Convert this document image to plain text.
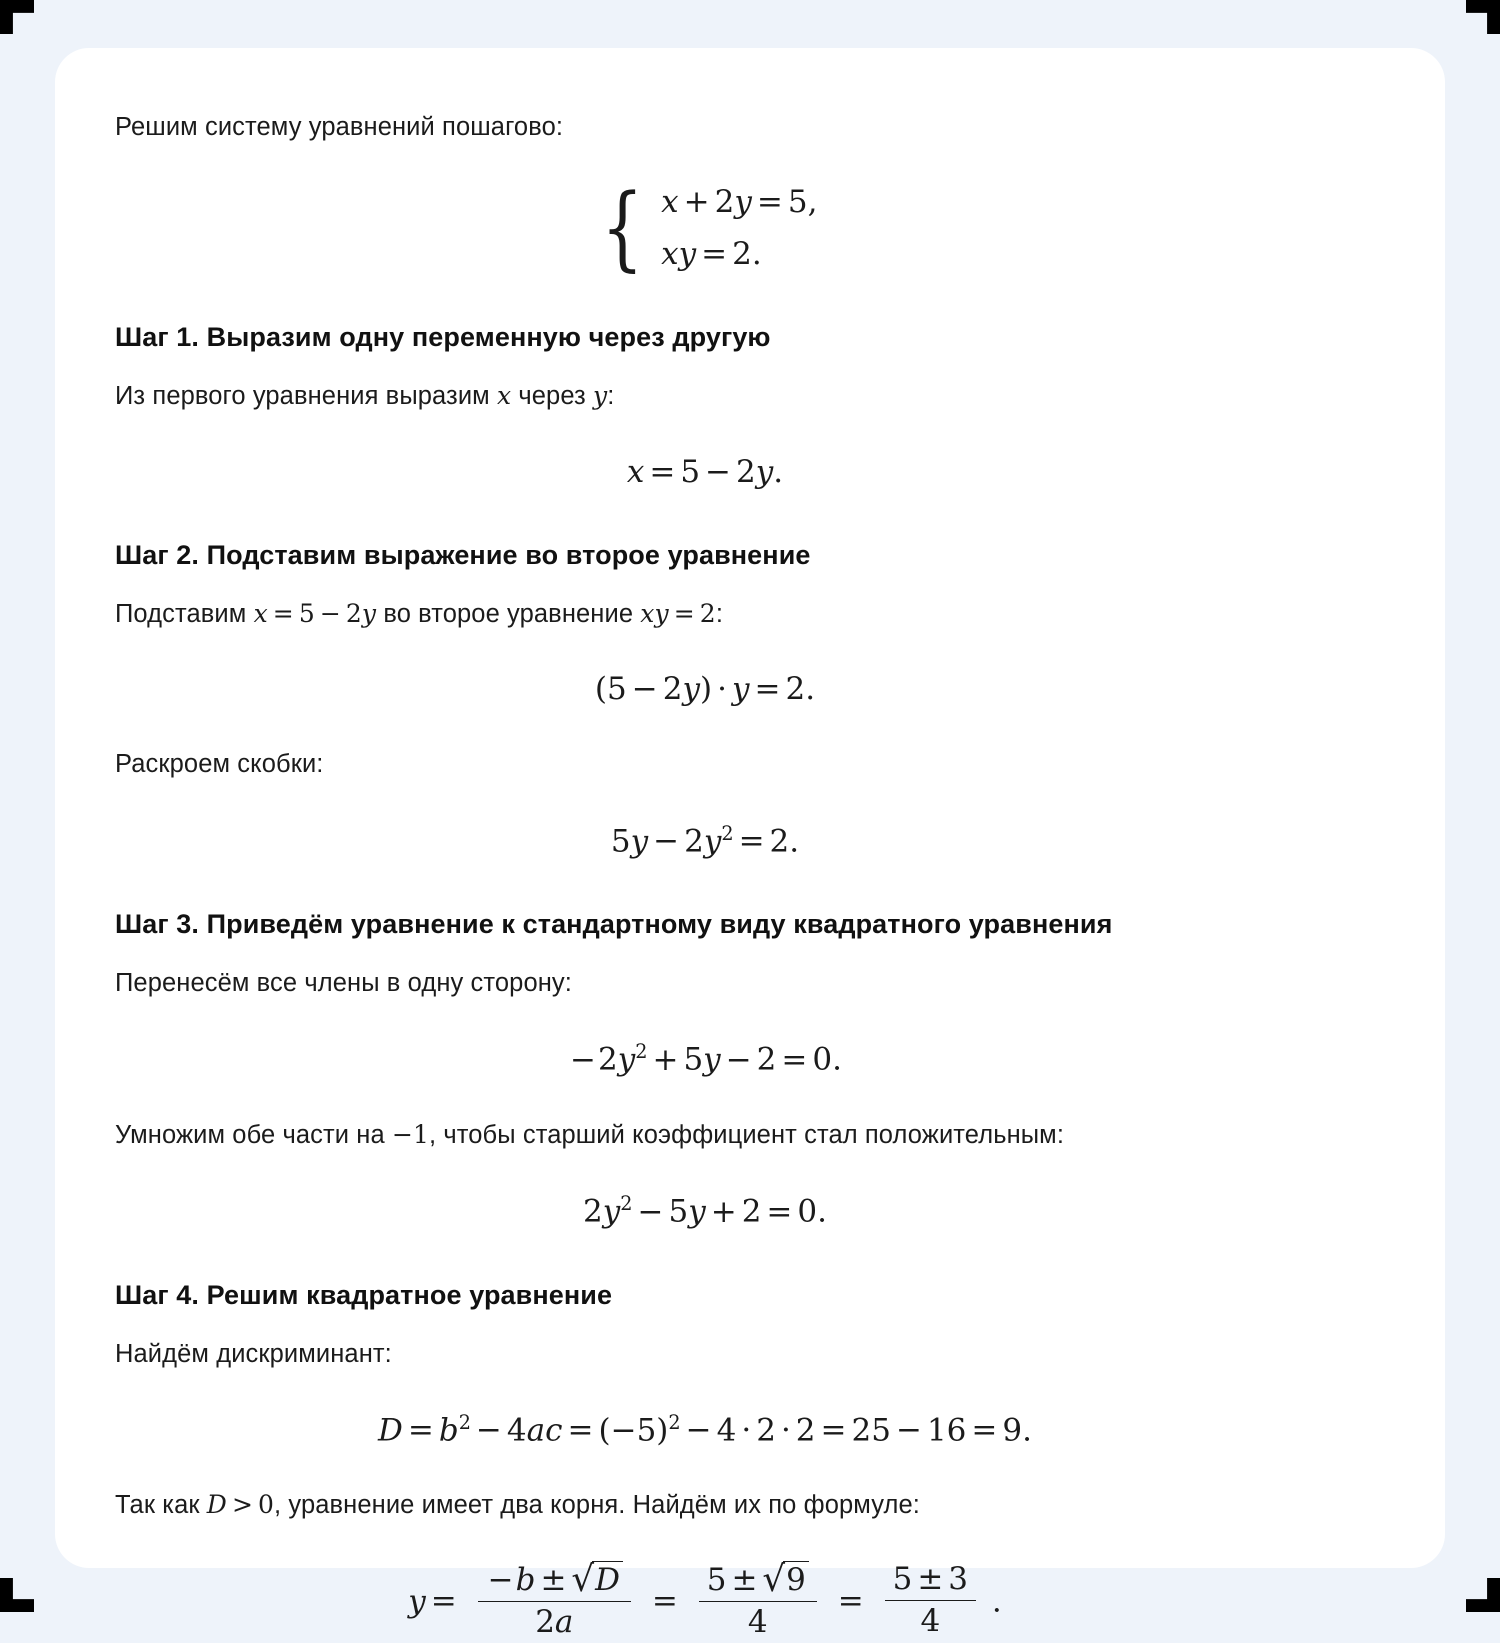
Решим систему уравнений пошагово:

{ x + 2y = 5,
xy = 2.
Шаг 1. Выразим одну переменную через другую

Из первого уравнения выразим x через y:

x = 5 − 2y.
Шаг 2. Подставим выражение во второе уравнение

Подставим x = 5 − 2y во второе уравнение xy = 2:

(5 − 2y) · y = 2.

Раскроем скобки:

$5y - 2y^2 = 2$.
Шаг 3. Приведём уравнение к стандартному виду квадратного уравнения

Перенесём все члены в одну сторону:

$-2y^2 + 5y - 2 = 0$.

Умножим обе части на −1, чтобы старший коэффициент стал положительным:

$2y^2 - 5y + 2 = 0$.
Шаг 4. Решим квадратное уравнение

Найдём дискриминант:

$D = b^2 - 4ac = (-5)^2 - 4 \cdot 2 \cdot 2 = 25 - 16 = 9$.

Так как D > 0, уравнение имеет два корня. Найдём их по формуле:

$y = \frac{-b \pm √ D}{2a} = \frac{5 \pm √ 9}{4} = \frac{5 \pm 3}{4}$ .
